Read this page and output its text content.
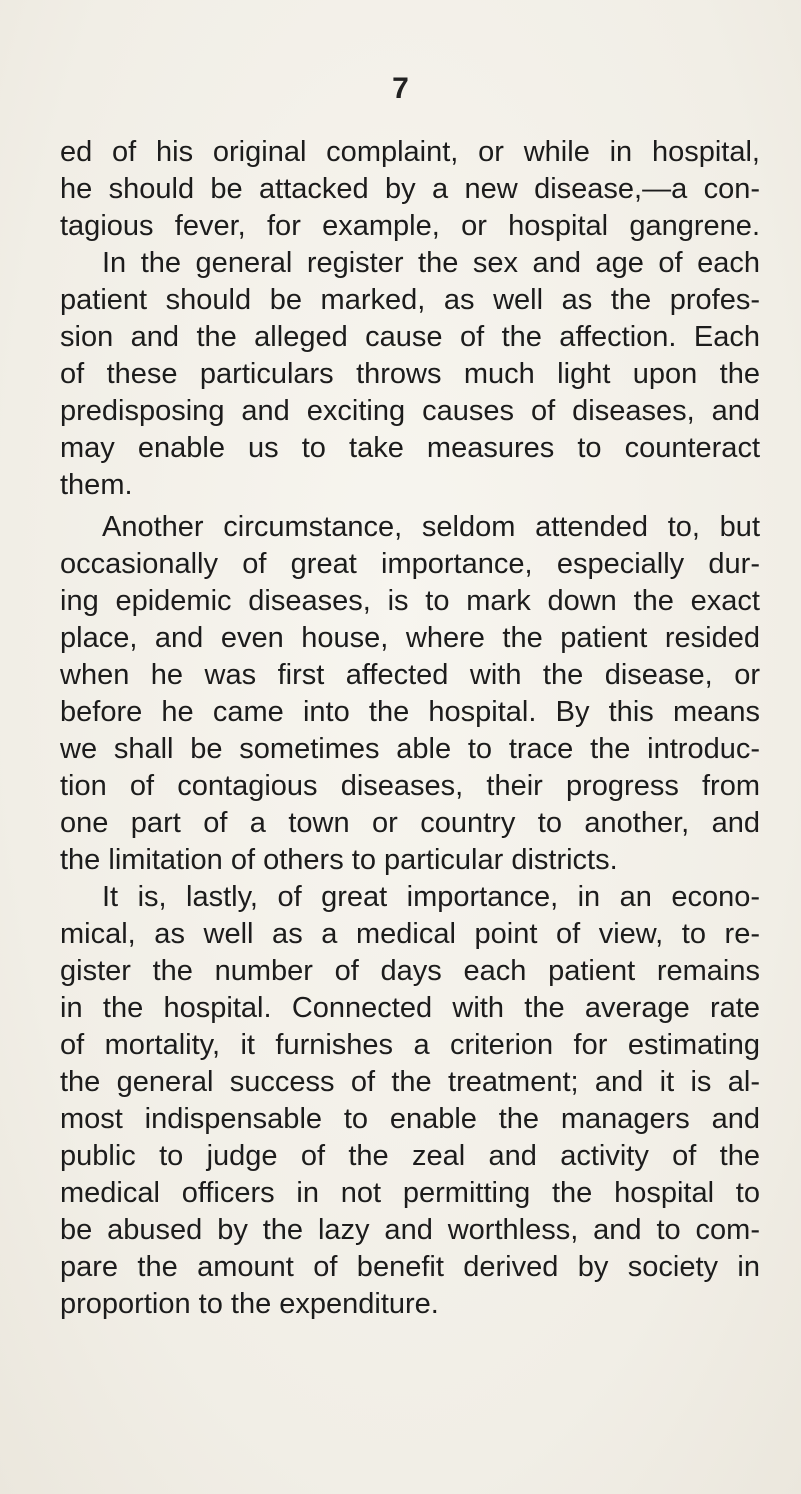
7
ed of his original complaint, or while in hospital,
he should be attacked by a new disease,—a con-
tagious fever, for example, or hospital gangrene.
In the general register the sex and age of each
patient should be marked, as well as the profes-
sion and the alleged cause of the affection. Each
of these particulars throws much light upon the
predisposing and exciting causes of diseases, and
may enable us to take measures to counteract
them.
Another circumstance, seldom attended to, but
occasionally of great importance, especially dur-
ing epidemic diseases, is to mark down the exact
place, and even house, where the patient resided
when he was first affected with the disease, or
before he came into the hospital. By this means
we shall be sometimes able to trace the introduc-
tion of contagious diseases, their progress from
one part of a town or country to another, and
the limitation of others to particular districts.
It is, lastly, of great importance, in an econo-
mical, as well as a medical point of view, to re-
gister the number of days each patient remains
in the hospital. Connected with the average rate
of mortality, it furnishes a criterion for estimating
the general success of the treatment; and it is al-
most indispensable to enable the managers and
public to judge of the zeal and activity of the
medical officers in not permitting the hospital to
be abused by the lazy and worthless, and to com-
pare the amount of benefit derived by society in
proportion to the expenditure.
